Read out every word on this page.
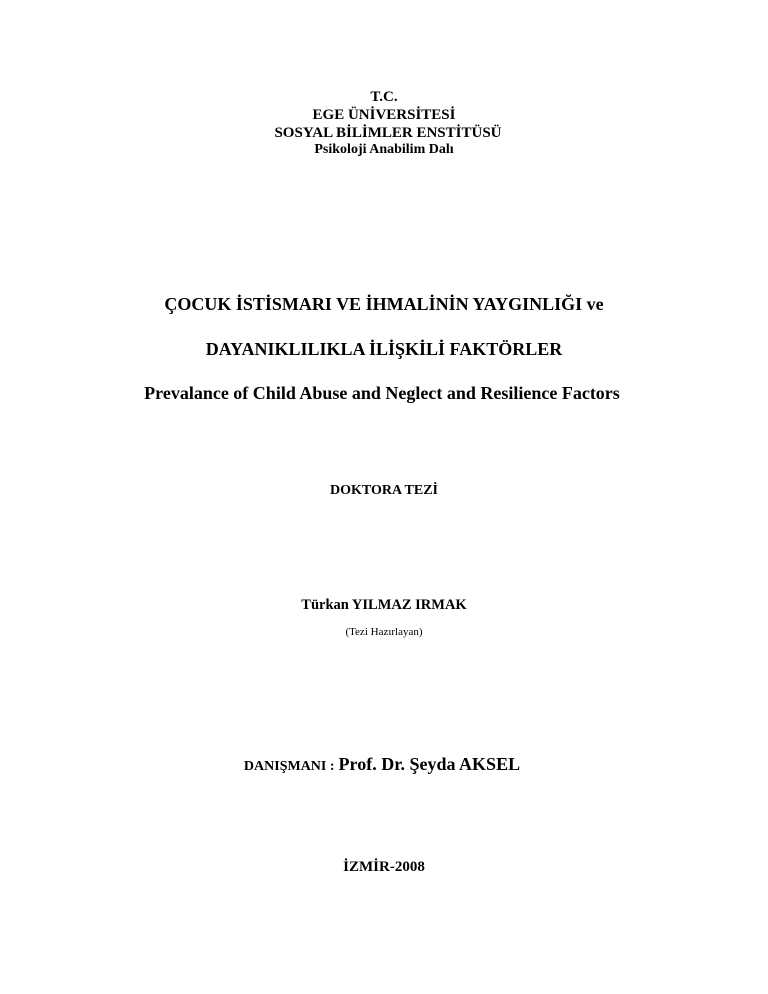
T.C.
EGE ÜNİVERSİTESİ
SOSYAL BİLİMLER ENSTİTÜSÜ
Psikoloji Anabilim Dalı
ÇOCUK İSTİSMARI VE İHMALİNİN YAYGINLIĞI ve
DAYANIKLILIKLA İLİŞKİLİ FAKTÖRLER
Prevalance of Child Abuse and Neglect and Resilience Factors
DOKTORA TEZİ
Türkan YILMAZ IRMAK
(Tezi Hazırlayan)
DANIŞMANI : Prof. Dr. Şeyda AKSEL
İZMİR-2008
